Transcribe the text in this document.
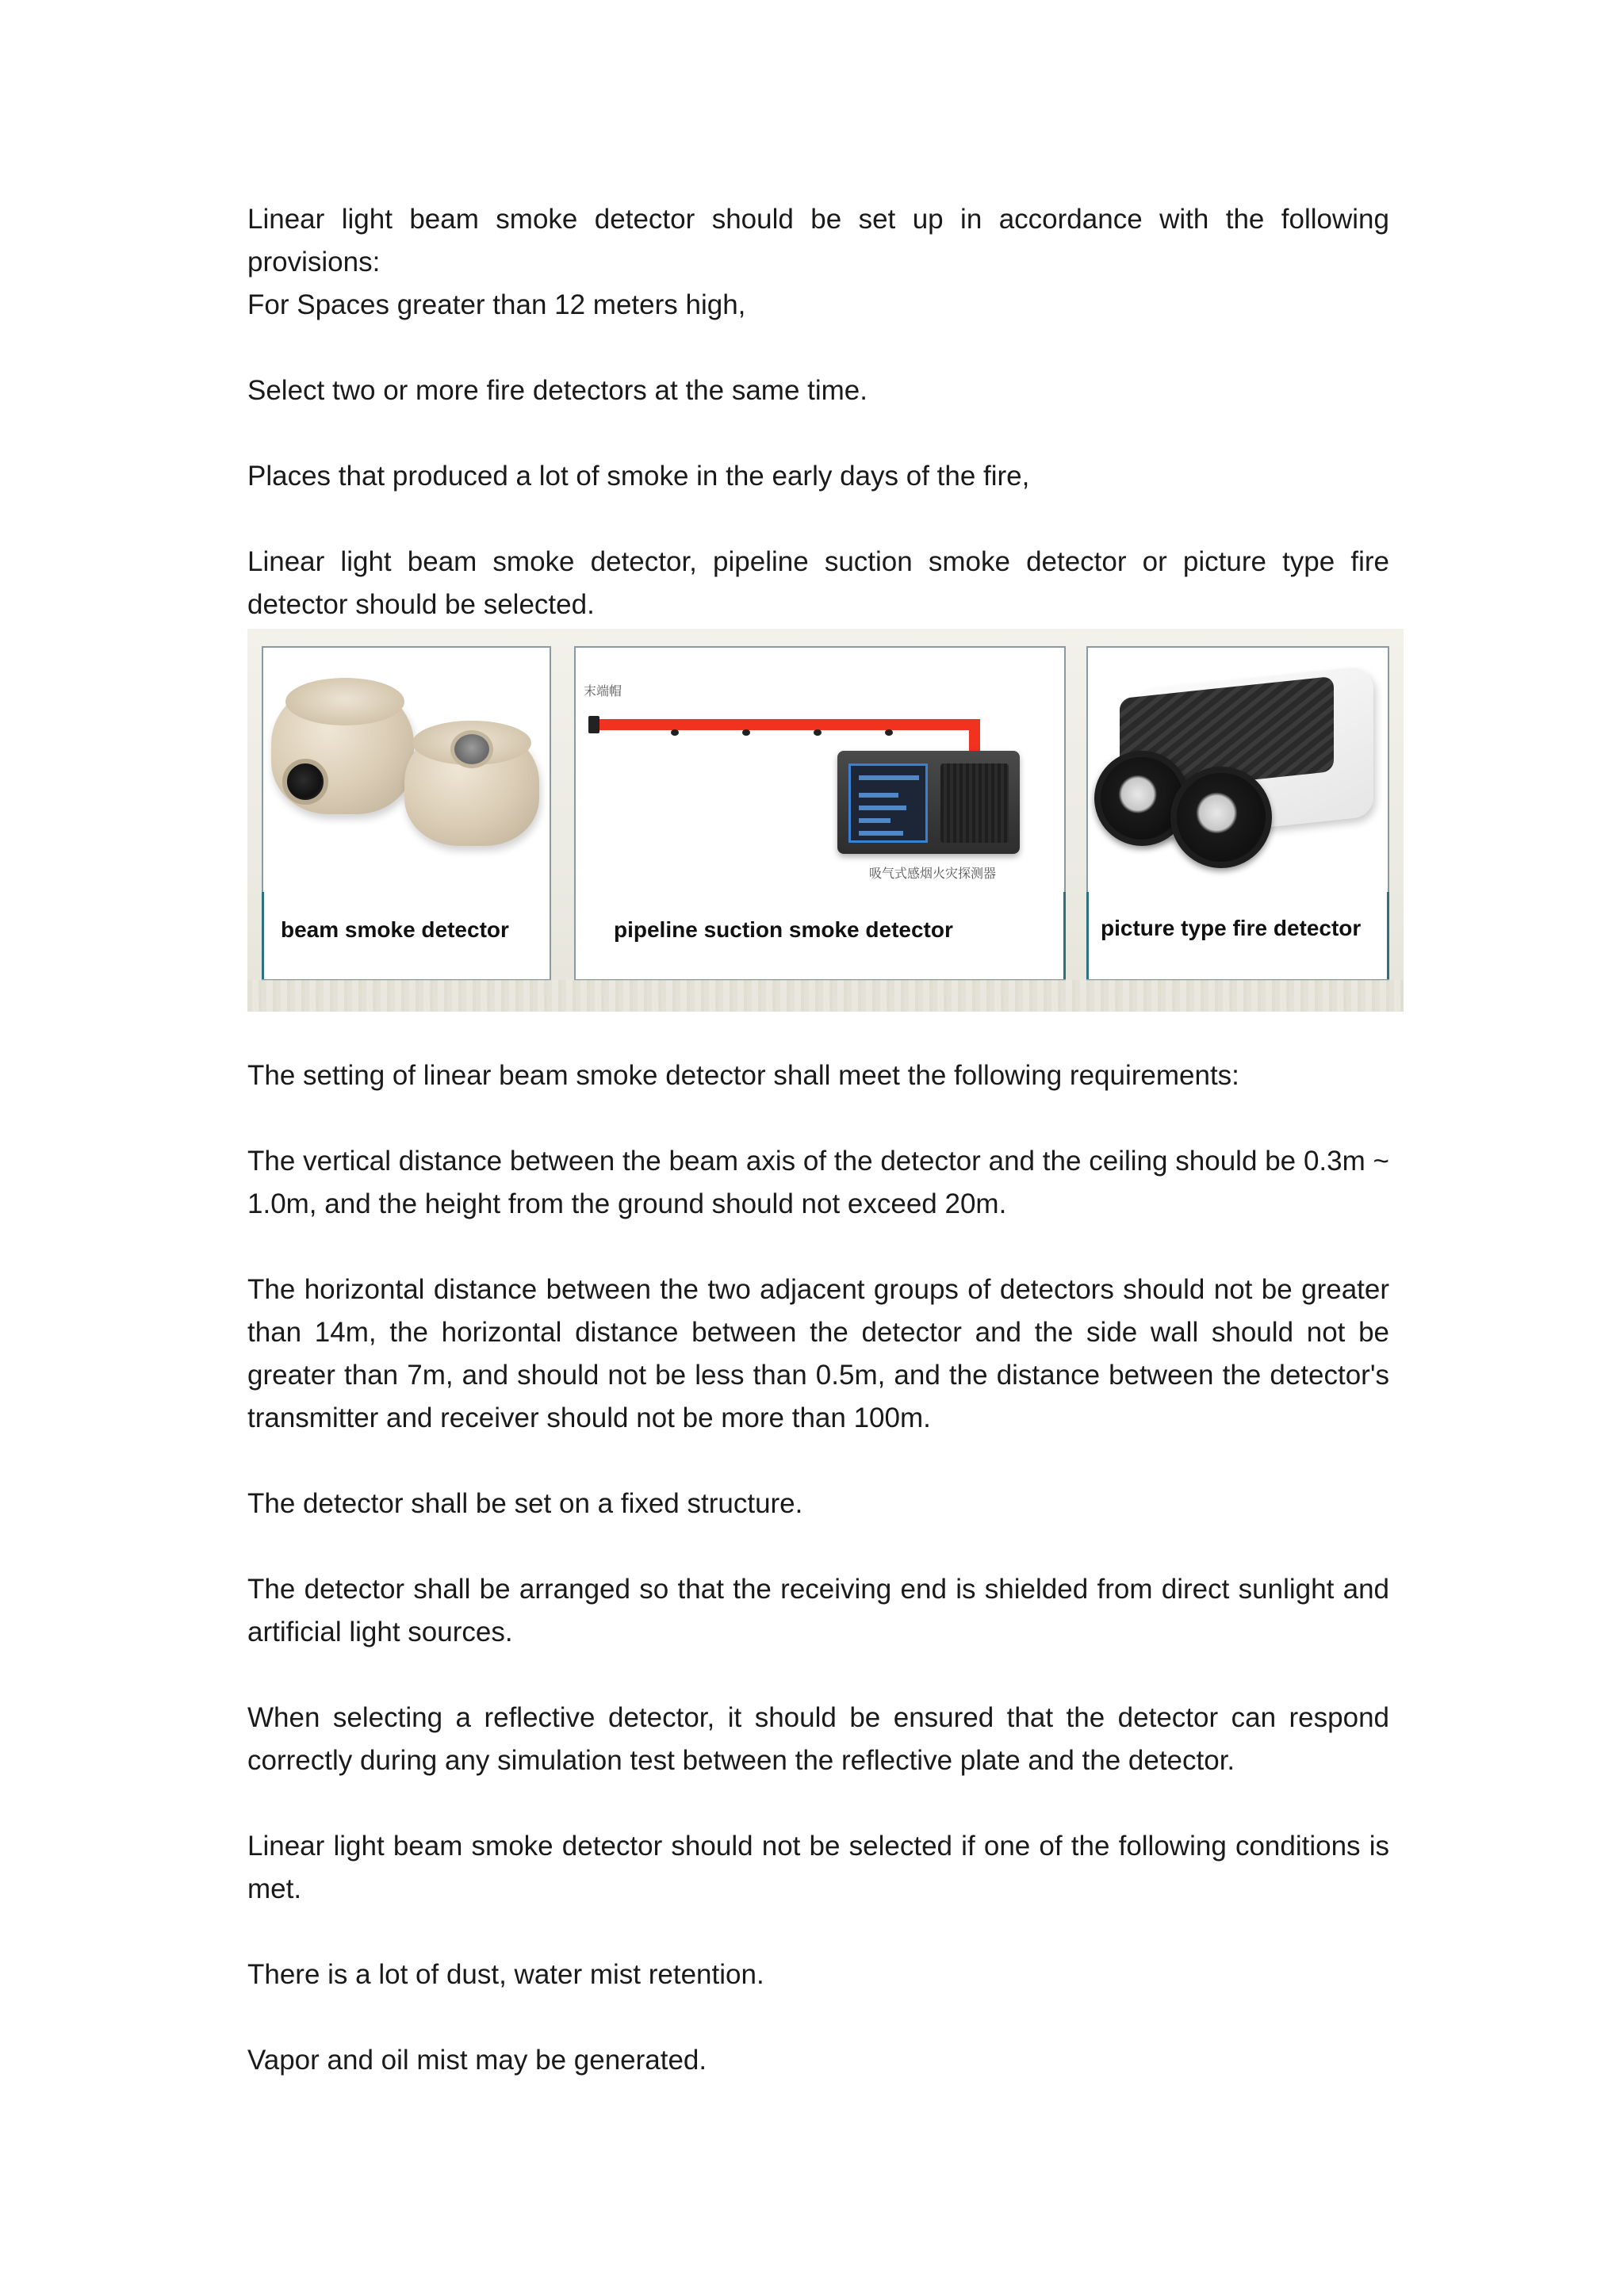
Linear light beam smoke detector should be set up in accordance with the following provisions:

For Spaces greater than 12 meters high,

Select two or more fire detectors at the same time.

Places that produced a lot of smoke in the early days of the fire,

Linear light beam smoke detector, pipeline suction smoke detector or picture type fire detector should be selected.

The setting of linear beam smoke detector shall meet the following requirements:

The vertical distance between the beam axis of the detector and the ceiling should be 0.3m ~ 1.0m, and the height from the ground should not exceed 20m.

The horizontal distance between the two adjacent groups of detectors should not be greater than 14m, the horizontal distance between the detector and the side wall should not be greater than 7m, and should not be less than 0.5m, and the distance between the detector's transmitter and receiver should not be more than 100m.

The detector shall be set on a fixed structure.

The detector shall be arranged so that the receiving end is shielded from direct sunlight and artificial light sources.

When selecting a reflective detector, it should be ensured that the detector can respond correctly during any simulation test between the reflective plate and the detector.

Linear light beam smoke detector should not be selected if one of the following conditions is met.

There is a lot of dust, water mist retention.

Vapor and oil mist may be generated.

beam smoke detector
末端帽
吸气式感烟火灾探测器
pipeline suction smoke detector	picture type fire detector
